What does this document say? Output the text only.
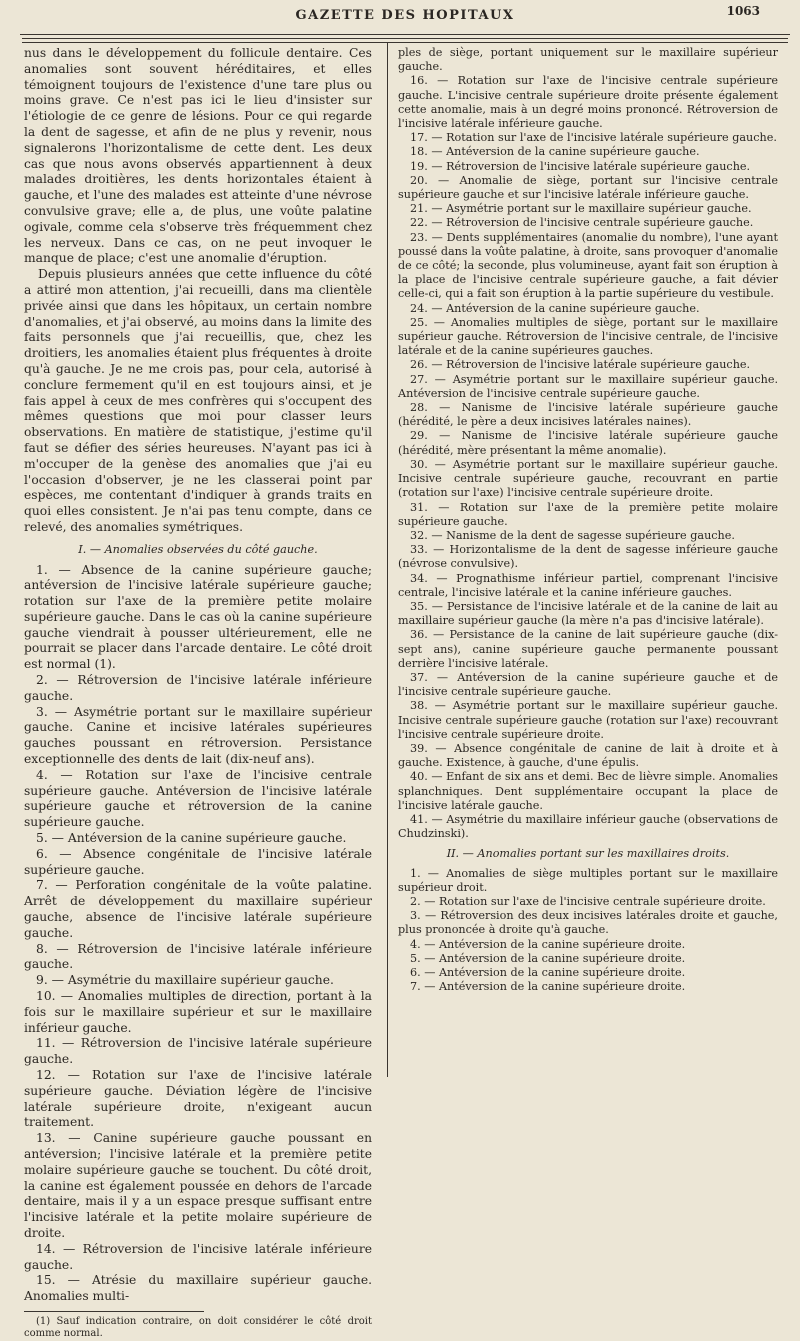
GAZETTE DES HOPITAUX	1063

nus dans le développement du follicule dentaire. Ces anomalies sont souvent héréditaires, et elles témoignent toujours de l'existence d'une tare plus ou moins grave. Ce n'est pas ici le lieu d'insister sur l'étiologie de ce genre de lésions. Pour ce qui regarde la dent de sagesse, et afin de ne plus y revenir, nous signalerons l'horizontalisme de cette dent. Les deux cas que nous avons observés appartiennent à deux malades droitières, les dents horizontales étaient à gauche, et l'une des malades est atteinte d'une névrose convulsive grave; elle a, de plus, une voûte palatine ogivale, comme cela s'observe très fréquemment chez les nerveux. Dans ce cas, on ne peut invoquer le manque de place; c'est une anomalie d'éruption.

Depuis plusieurs années que cette influence du côté a attiré mon attention, j'ai recueilli, dans ma clientèle privée ainsi que dans les hôpitaux, un certain nombre d'anomalies, et j'ai observé, au moins dans la limite des faits personnels que j'ai recueillis, que, chez les droitiers, les anomalies étaient plus fréquentes à droite qu'à gauche. Je ne me crois pas, pour cela, autorisé à conclure fermement qu'il en est toujours ainsi, et je fais appel à ceux de mes confrères qui s'occupent des mêmes questions que moi pour classer leurs observations. En matière de statistique, j'estime qu'il faut se défier des séries heureuses. N'ayant pas ici à m'occuper de la genèse des anomalies que j'ai eu l'occasion d'observer, je ne les classerai point par espèces, me contentant d'indiquer à grands traits en quoi elles consistent. Je n'ai pas tenu compte, dans ce relevé, des anomalies symétriques.

I. — Anomalies observées du côté gauche.
1. — Absence de la canine supérieure gauche; antéversion de l'incisive latérale supérieure gauche; rotation sur l'axe de la première petite molaire supérieure gauche. Dans le cas où la canine supérieure gauche viendrait à pousser ultérieurement, elle ne pourrait se placer dans l'arcade dentaire. Le côté droit est normal (1).
2. — Rétroversion de l'incisive latérale inférieure gauche.
3. — Asymétrie portant sur le maxillaire supérieur gauche. Canine et incisive latérales supérieures gauches poussant en rétroversion. Persistance exceptionnelle des dents de lait (dix-neuf ans).
4. — Rotation sur l'axe de l'incisive centrale supérieure gauche. Antéversion de l'incisive latérale supérieure gauche et rétroversion de la canine supérieure gauche.
5. — Antéversion de la canine supérieure gauche.
6. — Absence congénitale de l'incisive latérale supérieure gauche.
7. — Perforation congénitale de la voûte palatine. Arrêt de développement du maxillaire supérieur gauche, absence de l'incisive latérale supérieure gauche.
8. — Rétroversion de l'incisive latérale inférieure gauche.
9. — Asymétrie du maxillaire supérieur gauche.
10. — Anomalies multiples de direction, portant à la fois sur le maxillaire supérieur et sur le maxillaire inférieur gauche.
11. — Rétroversion de l'incisive latérale supérieure gauche.
12. — Rotation sur l'axe de l'incisive latérale supérieure gauche. Déviation légère de l'incisive latérale supérieure droite, n'exigeant aucun traitement.
13. — Canine supérieure gauche poussant en antéversion; l'incisive latérale et la première petite molaire supérieure gauche se touchent. Du côté droit, la canine est également poussée en dehors de l'arcade dentaire, mais il y a un espace presque suffisant entre l'incisive latérale et la petite molaire supérieure de droite.
14. — Rétroversion de l'incisive latérale inférieure gauche.
15. — Atrésie du maxillaire supérieur gauche. Anomalies multi-
(1) Sauf indication contraire, on doit considérer le côté droit comme normal.
ples de siège, portant uniquement sur le maxillaire supérieur gauche.
16. — Rotation sur l'axe de l'incisive centrale supérieure gauche. L'incisive centrale supérieure droite présente également cette anomalie, mais à un degré moins prononcé. Rétroversion de l'incisive latérale inférieure gauche.
17. — Rotation sur l'axe de l'incisive latérale supérieure gauche.
18. — Antéversion de la canine supérieure gauche.
19. — Rétroversion de l'incisive latérale supérieure gauche.
20. — Anomalie de siège, portant sur l'incisive centrale supérieure gauche et sur l'incisive latérale inférieure gauche.
21. — Asymétrie portant sur le maxillaire supérieur gauche.
22. — Rétroversion de l'incisive centrale supérieure gauche.
23. — Dents supplémentaires (anomalie du nombre), l'une ayant poussé dans la voûte palatine, à droite, sans provoquer d'anomalie de ce côté; la seconde, plus volumineuse, ayant fait son éruption à la place de l'incisive centrale supérieure gauche, a fait dévier celle-ci, qui a fait son éruption à la partie supérieure du vestibule.
24. — Antéversion de la canine supérieure gauche.
25. — Anomalies multiples de siège, portant sur le maxillaire supérieur gauche. Rétroversion de l'incisive centrale, de l'incisive latérale et de la canine supérieures gauches.
26. — Rétroversion de l'incisive latérale supérieure gauche.
27. — Asymétrie portant sur le maxillaire supérieur gauche. Antéversion de l'incisive centrale supérieure gauche.
28. — Nanisme de l'incisive latérale supérieure gauche (hérédité, le père a deux incisives latérales naines).
29. — Nanisme de l'incisive latérale supérieure gauche (hérédité, mère présentant la même anomalie).
30. — Asymétrie portant sur le maxillaire supérieur gauche. Incisive centrale supérieure gauche, recouvrant en partie (rotation sur l'axe) l'incisive centrale supérieure droite.
31. — Rotation sur l'axe de la première petite molaire supérieure gauche.
32. — Nanisme de la dent de sagesse supérieure gauche.
33. — Horizontalisme de la dent de sagesse inférieure gauche (névrose convulsive).
34. — Prognathisme inférieur partiel, comprenant l'incisive centrale, l'incisive latérale et la canine inférieure gauches.
35. — Persistance de l'incisive latérale et de la canine de lait au maxillaire supérieur gauche (la mère n'a pas d'incisive latérale).
36. — Persistance de la canine de lait supérieure gauche (dix-sept ans), canine supérieure gauche permanente poussant derrière l'incisive latérale.
37. — Antéversion de la canine supérieure gauche et de l'incisive centrale supérieure gauche.
38. — Asymétrie portant sur le maxillaire supérieur gauche. Incisive centrale supérieure gauche (rotation sur l'axe) recouvrant l'incisive centrale supérieure droite.
39. — Absence congénitale de canine de lait à droite et à gauche. Existence, à gauche, d'une épulis.
40. — Enfant de six ans et demi. Bec de lièvre simple. Anomalies splanchniques. Dent supplémentaire occupant la place de l'incisive latérale gauche.
41. — Asymétrie du maxillaire inférieur gauche (observations de Chudzinski).
II. — Anomalies portant sur les maxillaires droits.
1. — Anomalies de siège multiples portant sur le maxillaire supérieur droit.
2. — Rotation sur l'axe de l'incisive centrale supérieure droite.
3. — Rétroversion des deux incisives latérales droite et gauche, plus prononcée à droite qu'à gauche.
4. — Antéversion de la canine supérieure droite.
5. — Antéversion de la canine supérieure droite.
6. — Antéversion de la canine supérieure droite.
7. — Antéversion de la canine supérieure droite.
